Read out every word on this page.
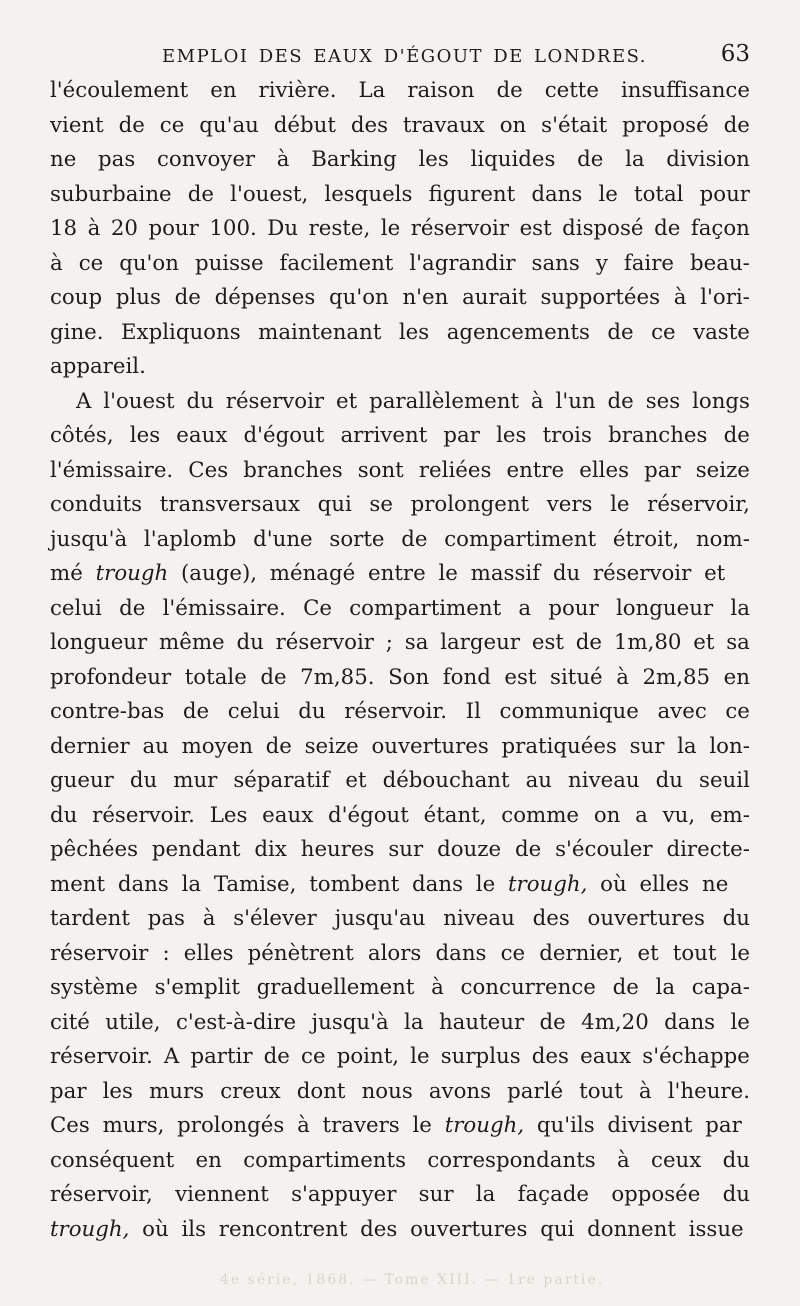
EMPLOI DES EAUX D'ÉGOUT DE LONDRES.	63
l'écoulement en rivière. La raison de cette insuffisance
vient de ce qu'au début des travaux on s'était proposé de
ne pas convoyer à Barking les liquides de la division
suburbaine de l'ouest, lesquels figurent dans le total pour
18 à 20 pour 100. Du reste, le réservoir est disposé de façon
à ce qu'on puisse facilement l'agrandir sans y faire beau-
coup plus de dépenses qu'on n'en aurait supportées à l'ori-
gine. Expliquons maintenant les agencements de ce vaste
appareil.
A l'ouest du réservoir et parallèlement à l'un de ses longs
côtés, les eaux d'égout arrivent par les trois branches de
l'émissaire. Ces branches sont reliées entre elles par seize
conduits transversaux qui se prolongent vers le réservoir,
jusqu'à l'aplomb d'une sorte de compartiment étroit, nom-
mé trough (auge), ménagé entre le massif du réservoir et
celui de l'émissaire. Ce compartiment a pour longueur la
longueur même du réservoir ; sa largeur est de 1m,80 et sa
profondeur totale de 7m,85. Son fond est situé à 2m,85 en
contre-bas de celui du réservoir. Il communique avec ce
dernier au moyen de seize ouvertures pratiquées sur la lon-
gueur du mur séparatif et débouchant au niveau du seuil
du réservoir. Les eaux d'égout étant, comme on a vu, em-
pêchées pendant dix heures sur douze de s'écouler directe-
ment dans la Tamise, tombent dans le trough, où elles ne
tardent pas à s'élever jusqu'au niveau des ouvertures du
réservoir : elles pénètrent alors dans ce dernier, et tout le
système s'emplit graduellement à concurrence de la capa-
cité utile, c'est-à-dire jusqu'à la hauteur de 4m,20 dans le
réservoir. A partir de ce point, le surplus des eaux s'échappe
par les murs creux dont nous avons parlé tout à l'heure.
Ces murs, prolongés à travers le trough, qu'ils divisent par
conséquent en compartiments correspondants à ceux du
réservoir, viennent s'appuyer sur la façade opposée du
trough, où ils rencontrent des ouvertures qui donnent issue
4e série, 1868. — Tome XIII. — 1re partie.
